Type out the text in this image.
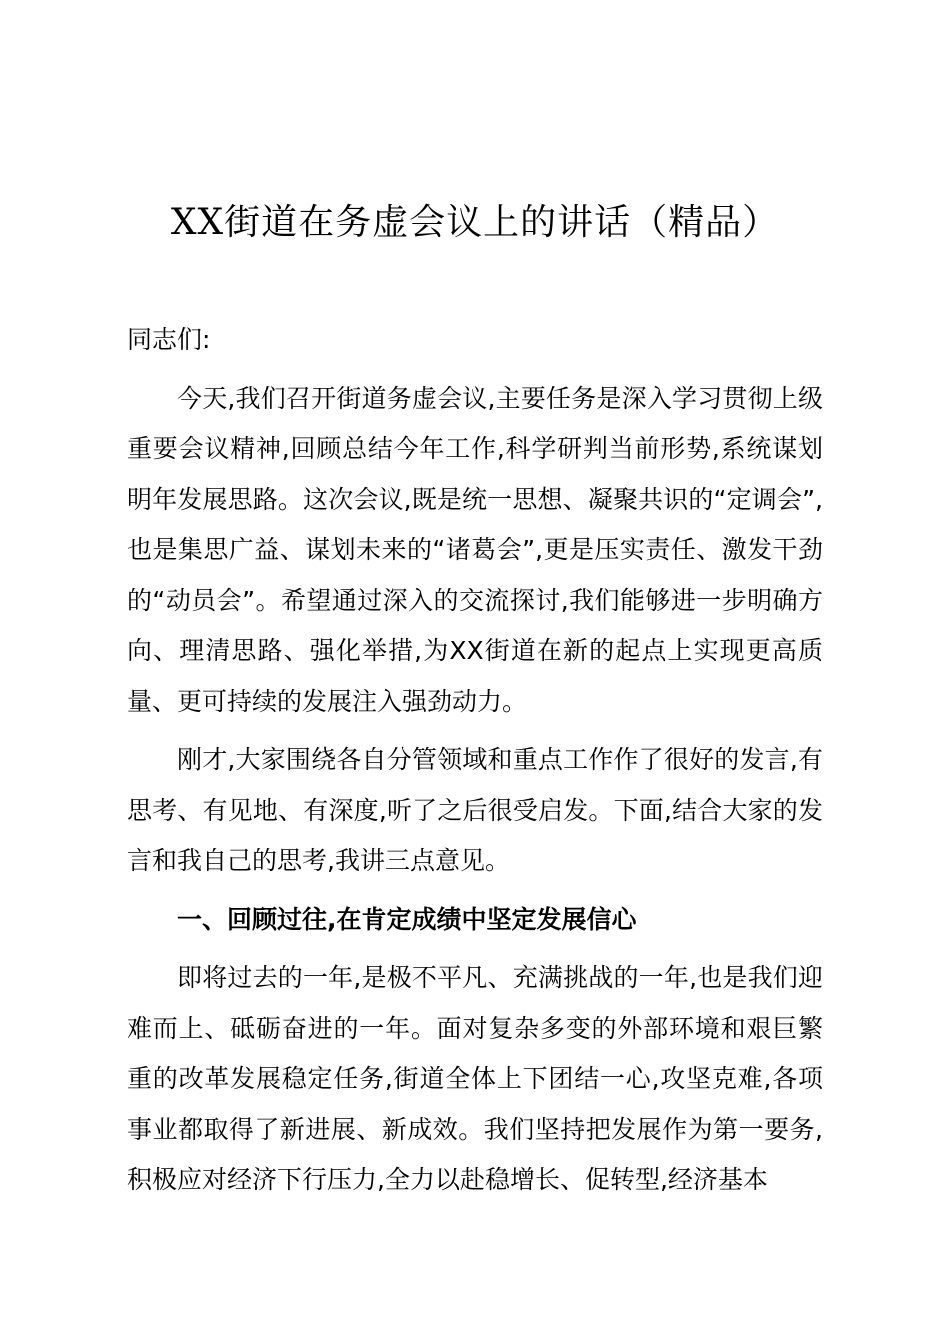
XX街道在务虚会议上的讲话（精品）

同志们:

今天,我们召开街道务虚会议,主要任务是深入学习贯彻上级重要会议精神,回顾总结今年工作,科学研判当前形势,系统谋划明年发展思路。这次会议,既是统一思想、凝聚共识的“定调会”,也是集思广益、谋划未来的“诸葛会”,更是压实责任、激发干劲的“动员会”。希望通过深入的交流探讨,我们能够进一步明确方向、理清思路、强化举措,为XX街道在新的起点上实现更高质量、更可持续的发展注入强劲动力。

刚才,大家围绕各自分管领域和重点工作作了很好的发言,有思考、有见地、有深度,听了之后很受启发。下面,结合大家的发言和我自己的思考,我讲三点意见。

一、回顾过往,在肯定成绩中坚定发展信心

即将过去的一年,是极不平凡、充满挑战的一年,也是我们迎难而上、砥砺奋进的一年。面对复杂多变的外部环境和艰巨繁重的改革发展稳定任务,街道全体上下团结一心,攻坚克难,各项事业都取得了新进展、新成效。我们坚持把发展作为第一要务,积极应对经济下行压力,全力以赴稳增长、促转型,经济基本
